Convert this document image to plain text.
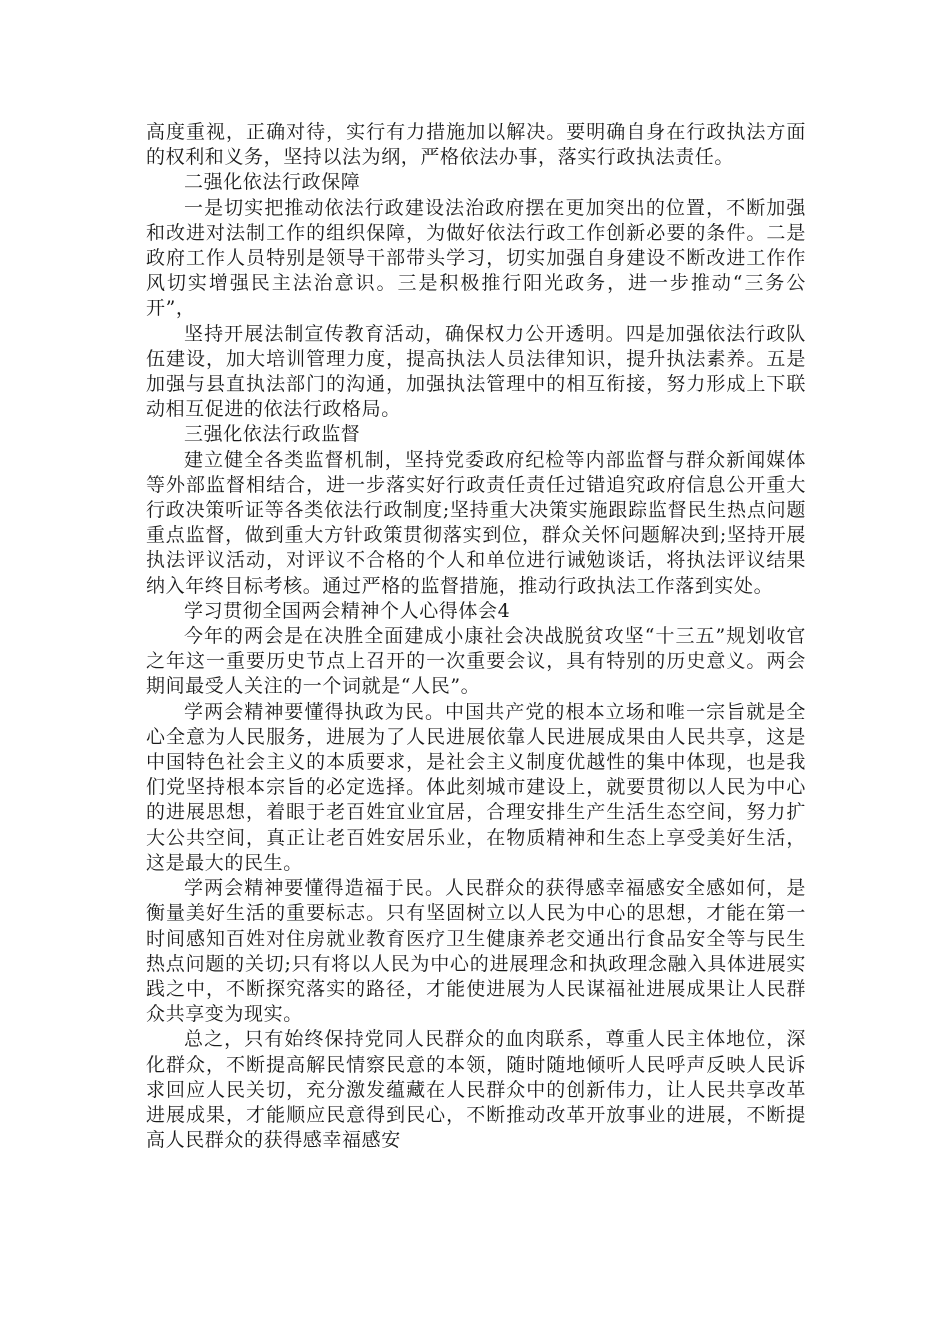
高度重视，正确对待，实行有力措施加以解决。要明确自身在行政执法方面的权利和义务，坚持以法为纲，严格依法办事，落实行政执法责任。

二强化依法行政保障

一是切实把推动依法行政建设法治政府摆在更加突出的位置，不断加强和改进对法制工作的组织保障，为做好依法行政工作创新必要的条件。二是政府工作人员特别是领导干部带头学习，切实加强自身建设不断改进工作作风切实增强民主法治意识。三是积极推行阳光政务，进一步推动“三务公开”，

坚持开展法制宣传教育活动，确保权力公开透明。四是加强依法行政队伍建设，加大培训管理力度，提高执法人员法律知识，提升执法素养。五是加强与县直执法部门的沟通，加强执法管理中的相互衔接，努力形成上下联动相互促进的依法行政格局。

三强化依法行政监督

建立健全各类监督机制，坚持党委政府纪检等内部监督与群众新闻媒体等外部监督相结合，进一步落实好行政责任责任过错追究政府信息公开重大行政决策听证等各类依法行政制度;坚持重大决策实施跟踪监督民生热点问题重点监督，做到重大方针政策贯彻落实到位，群众关怀问题解决到;坚持开展执法评议活动，对评议不合格的个人和单位进行诫勉谈话，将执法评议结果纳入年终目标考核。通过严格的监督措施，推动行政执法工作落到实处。

学习贯彻全国两会精神个人心得体会4

今年的两会是在决胜全面建成小康社会决战脱贫攻坚“十三五”规划收官之年这一重要历史节点上召开的一次重要会议，具有特别的历史意义。两会期间最受人关注的一个词就是“人民”。

学两会精神要懂得执政为民。中国共产党的根本立场和唯一宗旨就是全心全意为人民服务，进展为了人民进展依靠人民进展成果由人民共享，这是中国特色社会主义的本质要求，是社会主义制度优越性的集中体现，也是我们党坚持根本宗旨的必定选择。体此刻城市建设上，就要贯彻以人民为中心的进展思想，着眼于老百姓宜业宜居，合理安排生产生活生态空间，努力扩大公共空间，真正让老百姓安居乐业，在物质精神和生态上享受美好生活，这是最大的民生。

学两会精神要懂得造福于民。人民群众的获得感幸福感安全感如何，是衡量美好生活的重要标志。只有坚固树立以人民为中心的思想，才能在第一时间感知百姓对住房就业教育医疗卫生健康养老交通出行食品安全等与民生热点问题的关切;只有将以人民为中心的进展理念和执政理念融入具体进展实践之中，不断探究落实的路径，才能使进展为人民谋福祉进展成果让人民群众共享变为现实。

总之，只有始终保持党同人民群众的血肉联系，尊重人民主体地位，深化群众，不断提高解民情察民意的本领，随时随地倾听人民呼声反映人民诉求回应人民关切，充分激发蕴藏在人民群众中的创新伟力，让人民共享改革进展成果，才能顺应民意得到民心，不断推动改革开放事业的进展，不断提高人民群众的获得感幸福感安
